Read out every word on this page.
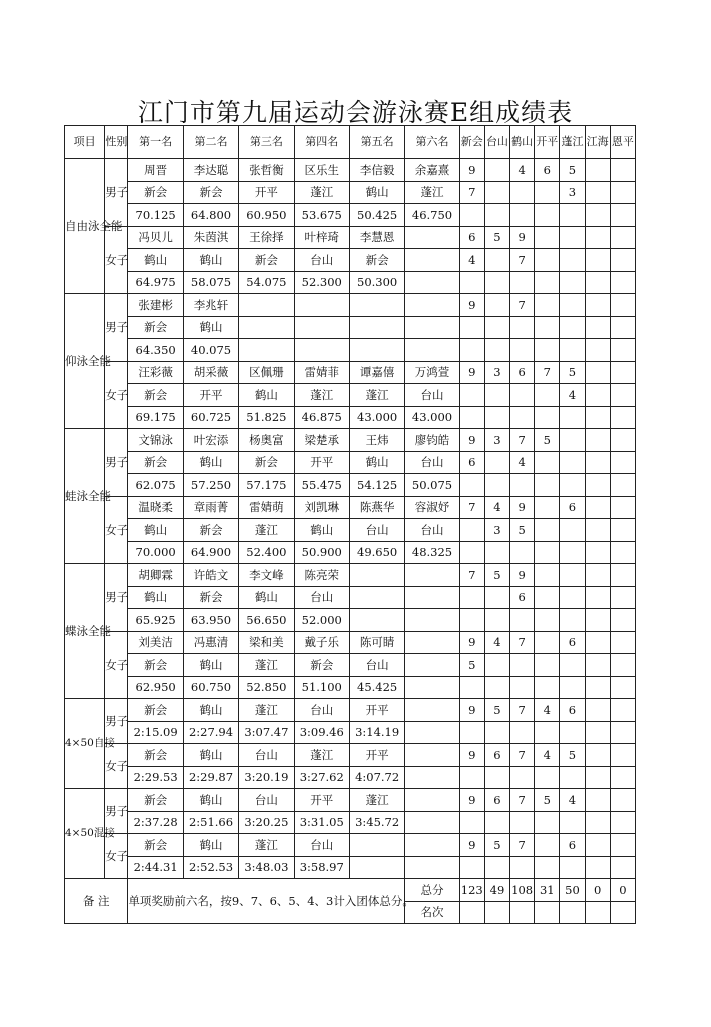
江门市第九届运动会游泳赛E组成绩表
项目	性别	第一名	第二名	第三名	第四名	第五名	第六名	新会	台山	鹤山	开平	蓬江	江海	恩平
自由泳全能	男子	周晋	李达聪	张哲衡	区乐生	李信毅	余嘉熹	9		4	6	5		
		新会	新会	开平	蓬江	鹤山	蓬江	7				3		
		70.125	64.800	60.950	53.675	50.425	46.750							
	女子	冯贝儿	朱茵淇	王徐择	叶梓琦	李慧恩		6	5	9				
		鹤山	鹤山	新会	台山	新会		4		7				
		64.975	58.075	54.075	52.300	50.300								
仰泳全能	男子	张建彬	李兆轩					9		7				
		新会	鹤山											
		64.350	40.075											
	女子	汪彩薇	胡采薇	区佩珊	雷婧菲	谭嘉僖	万鸿萱	9	3	6	7	5		
		新会	开平	鹤山	蓬江	蓬江	台山					4		
		69.175	60.725	51.825	46.875	43.000	43.000							
蛙泳全能	男子	文锦泳	叶宏添	杨奥富	梁楚承	王炜	廖钧皓	9	3	7	5			
		新会	鹤山	新会	开平	鹤山	台山	6		4				
		62.075	57.250	57.175	55.475	54.125	50.075							
	女子	温晓柔	章雨菁	雷婧萌	刘凯琳	陈燕华	容淑妤	7	4	9		6		
		鹤山	新会	蓬江	鹤山	台山	台山		3	5				
		70.000	64.900	52.400	50.900	49.650	48.325							
蝶泳全能	男子	胡卿霖	许皓文	李文峰	陈亮荣			7	5	9				
		鹤山	新会	鹤山	台山					6				
		65.925	63.950	56.650	52.000									
	女子	刘美洁	冯惠清	梁和美	戴子乐	陈可睛		9	4	7		6		
		新会	鹤山	蓬江	新会	台山		5						
		62.950	60.750	52.850	51.100	45.425								
4×50自接	男子	新会	鹤山	蓬江	台山	开平		9	5	7	4	6		
		2:15.09	2:27.94	3:07.47	3:09.46	3:14.19								
	女子	新会	鹤山	台山	蓬江	开平		9	6	7	4	5		
		2:29.53	2:29.87	3:20.19	3:27.62	4:07.72								
4×50混接	男子	新会	鹤山	台山	开平	蓬江		9	6	7	5	4		
		2:37.28	2:51.66	3:20.25	3:31.05	3:45.72								
	女子	新会	鹤山	蓬江	台山			9	5	7		6		
		2:44.31	2:52.53	3:48.03	3:58.97									
备 注		单项奖励前六名，按9、7、6、5、4、3计入团体总分。					总分	123	49	108	31	50	0	0
							名次							
